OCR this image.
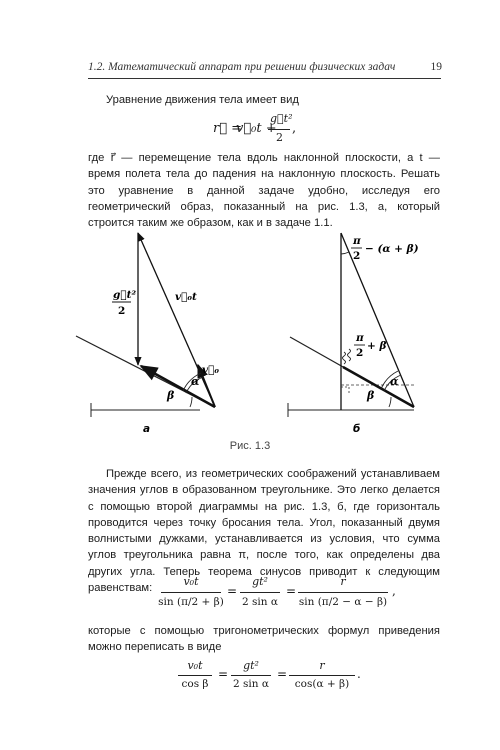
1.2. Математический аппарат при решении физических задач	19
Уравнение движения тела имеет вид
r⃗ =
v⃗₀t +
g⃗t²
2
,
где r⃗ — перемещение тела вдоль наклонной плоскости, а t — время полета тела до падения на наклонную плоскость. Решать это уравнение в данной задаче удобно, исследуя его геометрический образ, показанный на рис. 1.3, а, который строится таким же образом, как и в задаче 1.1.
g⃗t²
2
v⃗₀t
v⃗₀
α
β
а
π
2
− (α + β)
π
2
+ β
α
β
б
Рис. 1.3
Прежде всего, из геометрических соображений устанавливаем значения углов в образованном треугольнике. Это легко делается с помощью второй диаграммы на рис. 1.3, б, где горизонталь проводится через точку бросания тела. Угол, показанный двумя волнистыми дужками, устанавливается из условия, что сумма углов треугольника равна π, после того, как определены два других угла. Теперь теорема синусов приводит к следующим равенствам:
v₀t
sin (π/2 + β)
=
gt²
2 sin α
=
r
sin (π/2 − α − β)
,
которые с помощью тригонометрических формул приведения можно переписать в виде
v₀t
cos β
=
gt²
2 sin α
=
r
cos(α + β)
.
